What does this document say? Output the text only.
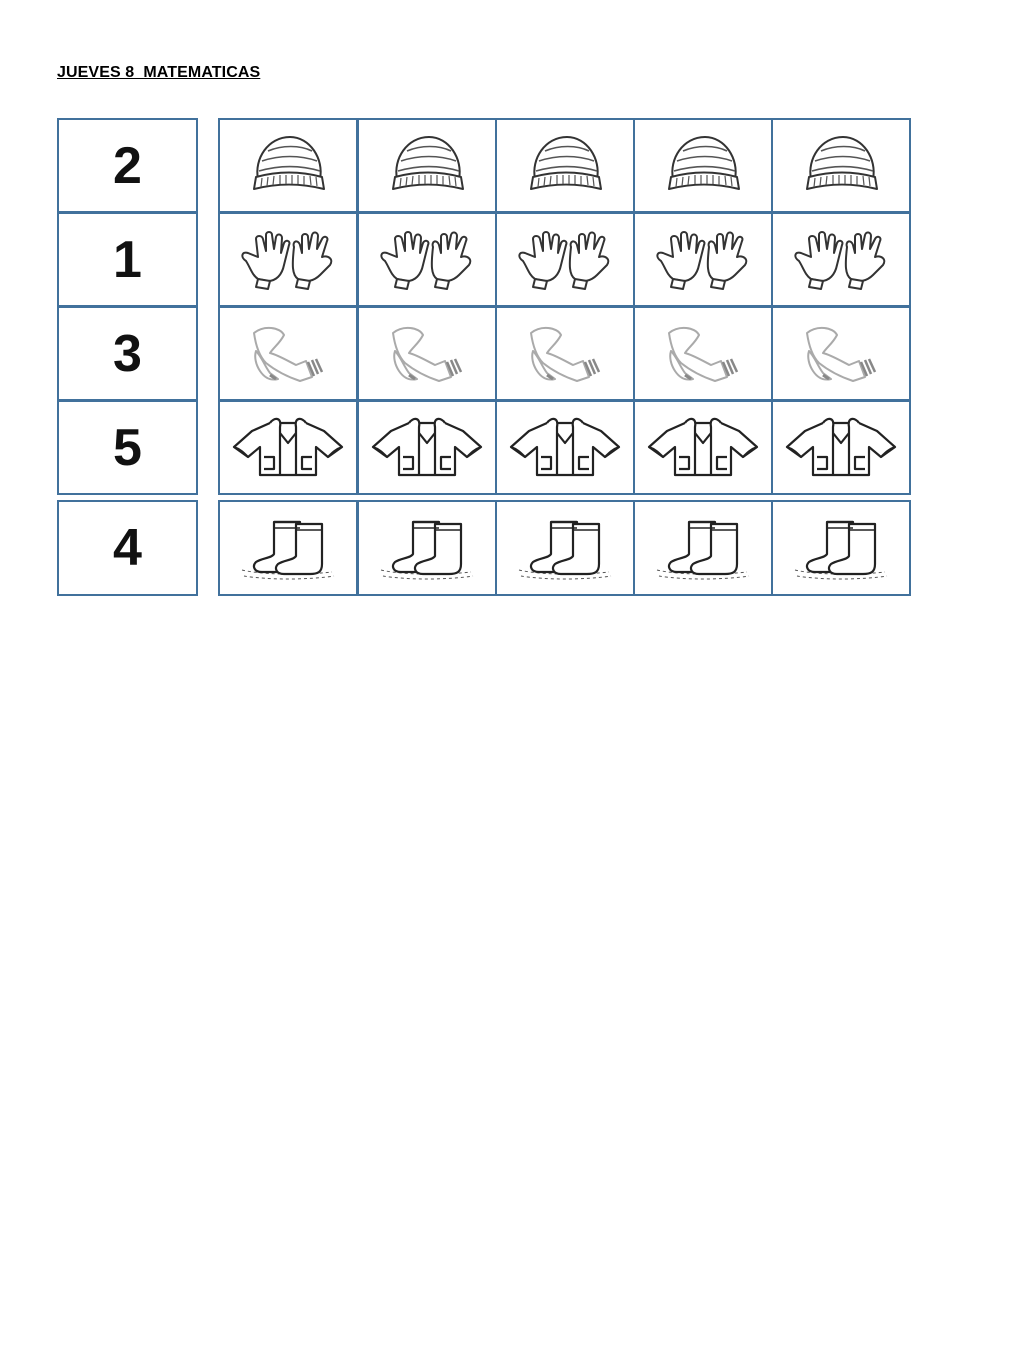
JUEVES 8  MATEMATICAS
2
1
3
5
4
